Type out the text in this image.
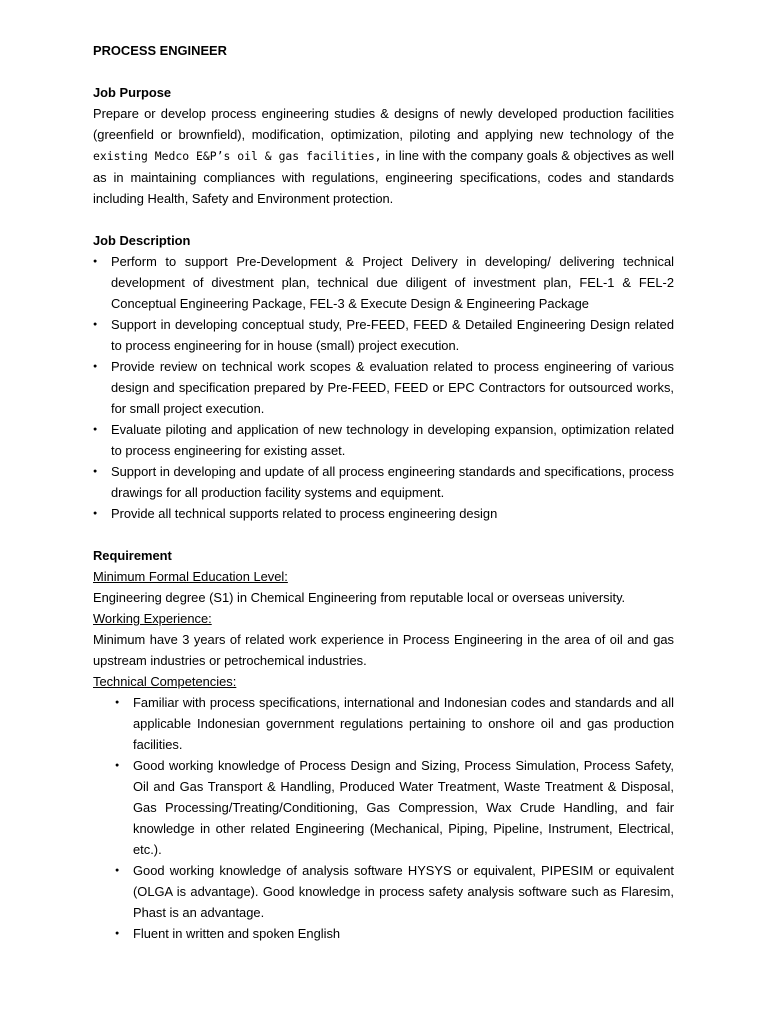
PROCESS ENGINEER

Job Purpose

Prepare or develop process engineering studies & designs of newly developed production facilities (greenfield or brownfield), modification, optimization, piloting and applying new technology of the existing Medco E&P’s oil & gas facilities, in line with the company goals & objectives as well as in maintaining compliances with regulations, engineering specifications, codes and standards including Health, Safety and Environment protection.

Job Description

● Perform to support Pre-Development & Project Delivery in developing/ delivering technical development of divestment plan, technical due diligent of investment plan, FEL-1 & FEL-2 Conceptual Engineering Package, FEL-3 & Execute Design & Engineering Package
● Support in developing conceptual study, Pre-FEED, FEED & Detailed Engineering Design related to process engineering for in house (small) project execution.
● Provide review on technical work scopes & evaluation related to process engineering of various design and specification prepared by Pre-FEED, FEED or EPC Contractors for outsourced works, for small project execution.
● Evaluate piloting and application of new technology in developing expansion, optimization related to process engineering for existing asset.
● Support in developing and update of all process engineering standards and specifications, process drawings for all production facility systems and equipment.
● Provide all technical supports related to process engineering design

Requirement

Minimum Formal Education Level:

Engineering degree (S1) in Chemical Engineering from reputable local or overseas university.

Working Experience:

Minimum have 3 years of related work experience in Process Engineering in the area of oil and gas upstream industries or petrochemical industries.

Technical Competencies:

● Familiar with process specifications, international and Indonesian codes and standards and all applicable Indonesian government regulations pertaining to onshore oil and gas production facilities.
● Good working knowledge of Process Design and Sizing, Process Simulation, Process Safety, Oil and Gas Transport & Handling, Produced Water Treatment, Waste Treatment & Disposal, Gas Processing/Treating/Conditioning, Gas Compression, Wax Crude Handling, and fair knowledge in other related Engineering (Mechanical, Piping, Pipeline, Instrument, Electrical, etc.).
● Good working knowledge of analysis software HYSYS or equivalent, PIPESIM or equivalent (OLGA is advantage). Good knowledge in process safety analysis software such as Flaresim, Phast is an advantage.
● Fluent in written and spoken English
